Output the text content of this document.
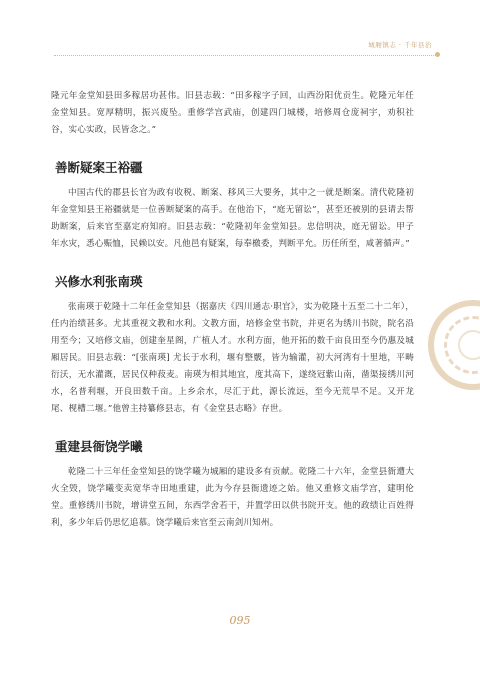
城厢镇志 · 千年县治

隆元年金堂知县田多稼居功甚伟。旧县志载：“田多稼字子回，山西汾阳优贡生。乾隆元年任金堂知县。宽厚精明，振兴废坠。重修学宫武庙，创建四门城楼，培修周仓庞祠宇，劝积社谷，实心实政，民皆念之。”

善断疑案王裕疆

中国古代的郡县长官为政有收税、断案、移风三大要务，其中之一就是断案。清代乾隆初年金堂知县王裕疆就是一位善断疑案的高手。在他治下，“庭无留讼”，甚至还被别的县请去帮助断案，后来官至嘉定府知府。旧县志载：“乾隆初年金堂知县。忠信明决，庭无留讼。甲子年水灾，悉心赈恤，民赖以安。凡他邑有疑案，每奉檄委，判断平允。历任所至，咸著循声。”

兴修水利张南瑛

张南瑛于乾隆十二年任金堂知县（据嘉庆《四川通志·职官》，实为乾隆十五至二十二年），任内治绩甚多。尤其重视文教和水利。文教方面，培修金堂书院，并更名为绣川书院，院名沿用至今；又培修文庙，创建奎星阁，广植人才。水利方面，他开拓的数千亩良田至今仍惠及城厢居民。旧县志载：“[张南瑛] 尤长于水利，堰有整覈，皆为输灌，初大河湾有十里地，平畴衍沃，无水灌溉，居民仅种菽麦。南瑛为相其地宜，度其高下，遂绕冠紫山南，凿渠接绣川河水，名普利堰，开良田数千亩。上乡余水，尽汇于此，源长流远，至今无荒旱不足。又开龙尾、枧槽二堰。”他曾主持纂修县志，有《金堂县志略》存世。

重建县衙饶学曦

乾隆二十三年任金堂知县的饶学曦为城厢的建设多有贡献。乾隆二十六年，金堂县衙遭大火全毁，饶学曦变卖宽华寺田地重建，此为今存县衙遗迹之始。他又重修文庙学宫，建明伦堂。重修绣川书院，增讲堂五间，东西学舍若干，并置学田以供书院开支。他的政绩让百姓得利，多少年后仍思忆追慕。饶学曦后来官至云南剑川知州。

095
